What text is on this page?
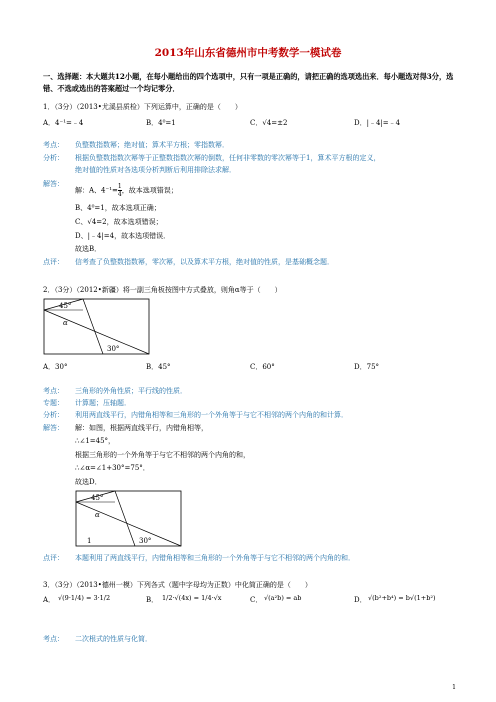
2013年山东省德州市中考数学一模试卷
一、选择题：本大题共12小题，在每小题给出的四个选项中，只有一项是正确的，请把正确的选项选出来．每小题选对得3分，选错、不选或选出的答案超过一个均记零分．
1．（3分）（2013•尤溪县质检）下列运算中，正确的是（　　）
A．4⁻¹=﹣4	B．4⁰=1	C．√4=±2	D．|﹣4|=﹣4
考点： 负整数指数幂；绝对值；算术平方根；零指数幂．
分析： 根据负整数指数次幂等于正整数指数次幂的倒数，任何非零数的零次幂等于1，算术平方根的定义，
绝对值的性质对各选项分析判断后利用排除法求解．
解答：
解：A、$4^{-1}= \frac{1}{4}$ ，故本选项错误；
B、4⁰=1，故本选项正确；
C、√4=2，故本选项错误；
D、|﹣4|=4，故本选项错误．
故选B．
点评： 信考查了负整数指数幂，零次幂，以及算术平方根，绝对值的性质，是基础概念题．
2．（3分）（2012•新疆）将一副三角板按图中方式叠放，则角α等于（　　）
45°
α
30°
A．30°	B．45°	C．60°	D．75°
考点： 三角形的外角性质；平行线的性质．
专题： 计算题；压轴题．
分析： 利用两直线平行，内错角相等和三角形的一个外角等于与它不相邻的两个内角的和计算．
解答： 解：如图，根据两直线平行，内错角相等，
∴∠1=45°，
根据三角形的一个外角等于与它不相邻的两个内角的和，
∴∠α=∠1+30°=75°．
故选D．
45°
α
1	30°
点评： 本题利用了两直线平行，内错角相等和三角形的一个外角等于与它不相邻的两个内角的和．
3．（3分）（2013•德州一模）下列各式（题中字母均为正数）中化简正确的是（　　）
A． √(9·1/4) = 3·1/2	B． 1/2·√(4x) = 1/4·√x	C． √(a²b) = ab	D． √(b²+b⁴) = b√(1+b²)
考点： 二次根式的性质与化简．
1
